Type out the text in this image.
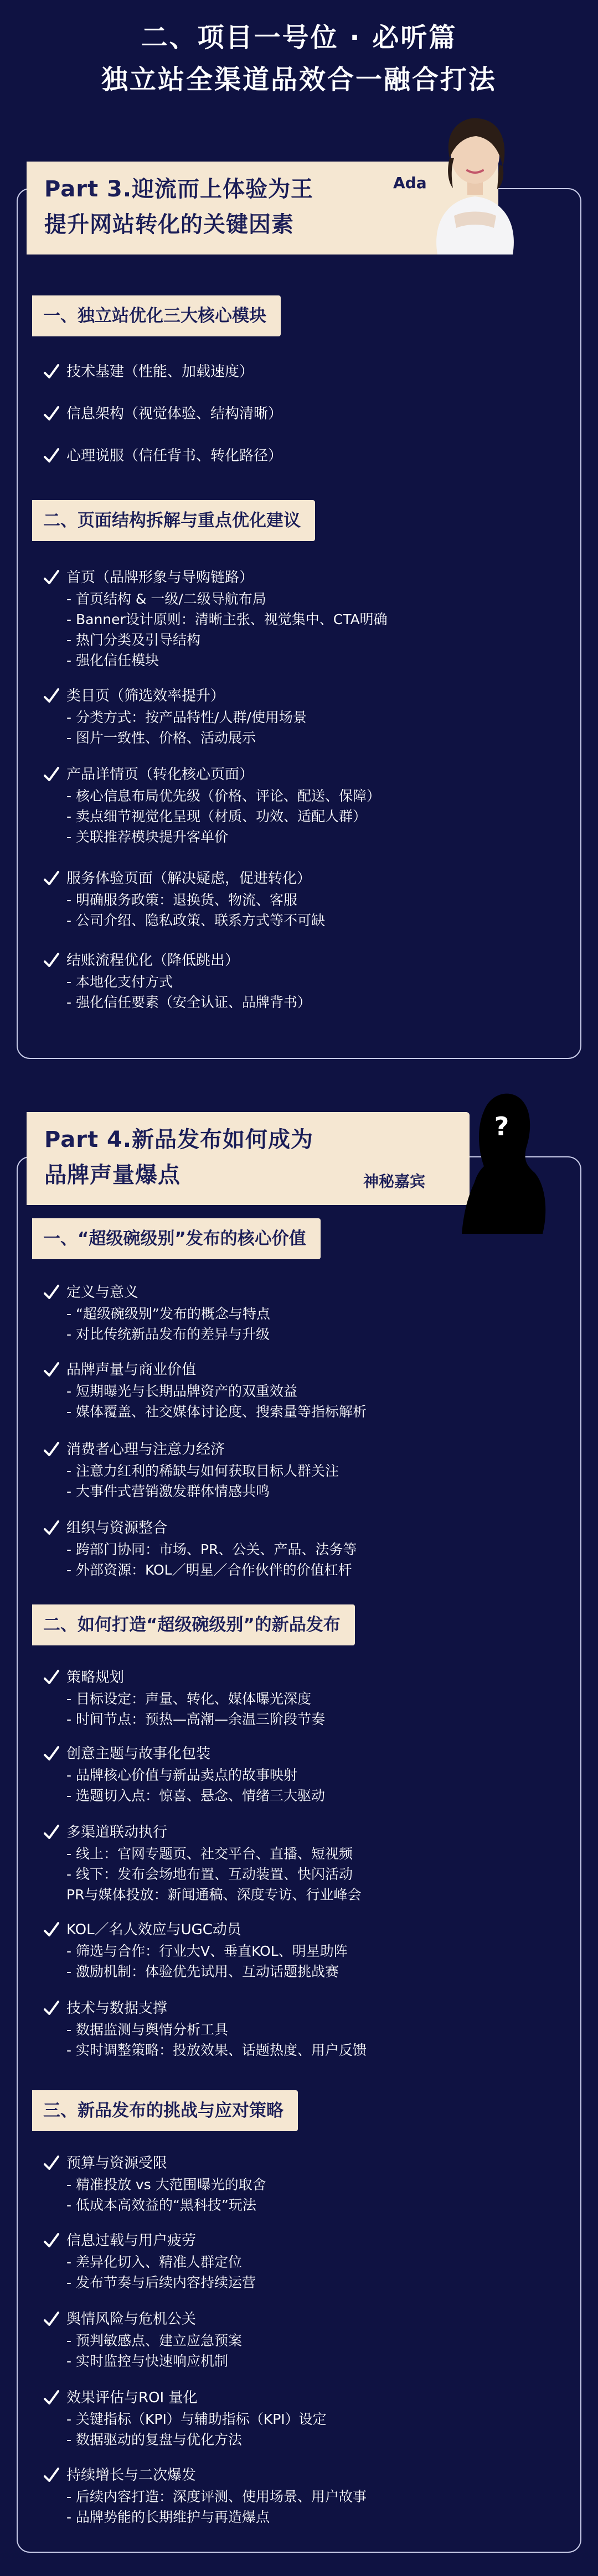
二、项目一号位 · 必听篇
独立站全渠道品效合一融合打法
Part 3.迎流而上体验为王
提升网站转化的关键因素
Ada
一、独立站优化三大核心模块
技术基建（性能、加载速度）
信息架构（视觉体验、结构清晰）
心理说服（信任背书、转化路径）
二、页面结构拆解与重点优化建议
首页（品牌形象与导购链路）
- 首页结构 & 一级/二级导航布局
- Banner设计原则：清晰主张、视觉集中、CTA明确
- 热门分类及引导结构
- 强化信任模块
类目页（筛选效率提升）
- 分类方式：按产品特性/人群/使用场景
- 图片一致性、价格、活动展示
产品详情页（转化核心页面）
- 核心信息布局优先级（价格、评论、配送、保障）
- 卖点细节视觉化呈现（材质、功效、适配人群）
- 关联推荐模块提升客单价
服务体验页面（解决疑虑，促进转化）
- 明确服务政策：退换货、物流、客服
- 公司介绍、隐私政策、联系方式等不可缺
结账流程优化（降低跳出）
- 本地化支付方式
- 强化信任要素（安全认证、品牌背书）
Part 4.新品发布如何成为
品牌声量爆点	神秘嘉宾
?
一、“超级碗级别”发布的核心价值
定义与意义
- “超级碗级别”发布的概念与特点
- 对比传统新品发布的差异与升级
品牌声量与商业价值
- 短期曝光与长期品牌资产的双重效益
- 媒体覆盖、社交媒体讨论度、搜索量等指标解析
消费者心理与注意力经济
- 注意力红利的稀缺与如何获取目标人群关注
- 大事件式营销激发群体情感共鸣
组织与资源整合
- 跨部门协同：市场、PR、公关、产品、法务等
- 外部资源：KOL／明星／合作伙伴的价值杠杆
二、如何打造“超级碗级别”的新品发布
策略规划
- 目标设定：声量、转化、媒体曝光深度
- 时间节点：预热—高潮—余温三阶段节奏
创意主题与故事化包装
- 品牌核心价值与新品卖点的故事映射
- 选题切入点：惊喜、悬念、情绪三大驱动
多渠道联动执行
- 线上：官网专题页、社交平台、直播、短视频
- 线下：发布会场地布置、互动装置、快闪活动
PR与媒体投放：新闻通稿、深度专访、行业峰会
KOL／名人效应与UGC动员
- 筛选与合作：行业大V、垂直KOL、明星助阵
- 激励机制：体验优先试用、互动话题挑战赛
技术与数据支撑
- 数据监测与舆情分析工具
- 实时调整策略：投放效果、话题热度、用户反馈
三、新品发布的挑战与应对策略
预算与资源受限
- 精准投放 vs 大范围曝光的取舍
- 低成本高效益的“黑科技”玩法
信息过载与用户疲劳
- 差异化切入、精准人群定位
- 发布节奏与后续内容持续运营
舆情风险与危机公关
- 预判敏感点、建立应急预案
- 实时监控与快速响应机制
效果评估与ROI 量化
- 关键指标（KPI）与辅助指标（KPI）设定
- 数据驱动的复盘与优化方法
持续增长与二次爆发
- 后续内容打造：深度评测、使用场景、用户故事
- 品牌势能的长期维护与再造爆点
